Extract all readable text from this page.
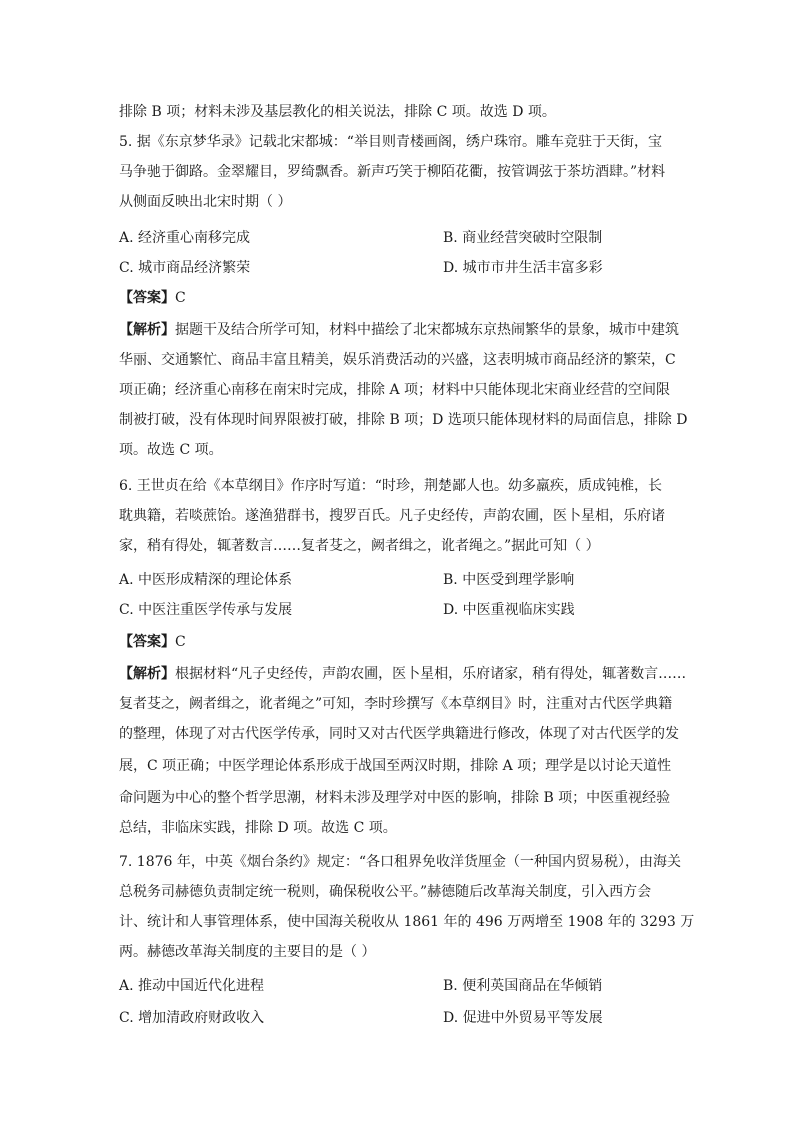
排除 B 项；材料未涉及基层教化的相关说法，排除 C 项。故选 D 项。
5. 据《东京梦华录》记载北宋都城：“举目则青楼画阁，绣户珠帘。雕车竞驻于天街，宝
马争驰于御路。金翠耀目，罗绮飘香。新声巧笑于柳陌花衢，按管调弦于茶坊酒肆。”材料
从侧面反映出北宋时期（ ）
A. 经济重心南移完成	B. 商业经营突破时空限制
C. 城市商品经济繁荣	D. 城市市井生活丰富多彩
【答案】C
【解析】据题干及结合所学可知，材料中描绘了北宋都城东京热闹繁华的景象，城市中建筑
华丽、交通繁忙、商品丰富且精美，娱乐消费活动的兴盛，这表明城市商品经济的繁荣，C
项正确；经济重心南移在南宋时完成，排除 A 项；材料中只能体现北宋商业经营的空间限
制被打破，没有体现时间界限被打破，排除 B 项；D 选项只能体现材料的局面信息，排除 D
项。故选 C 项。
6. 王世贞在给《本草纲目》作序时写道：“时珍，荆楚鄙人也。幼多羸疾，质成钝椎，长
耽典籍，若啖蔗饴。遂渔猎群书，搜罗百氏。凡子史经传，声韵农圃，医卜星相，乐府诸
家，稍有得处，辄著数言……复者芟之，阙者缉之，讹者绳之。”据此可知（ ）
A. 中医形成精深的理论体系	B. 中医受到理学影响
C. 中医注重医学传承与发展	D. 中医重视临床实践
【答案】C
【解析】根据材料“凡子史经传，声韵农圃，医卜星相，乐府诸家，稍有得处，辄著数言……
复者芟之，阙者缉之，讹者绳之”可知，李时珍撰写《本草纲目》时，注重对古代医学典籍
的整理，体现了对古代医学传承，同时又对古代医学典籍进行修改，体现了对古代医学的发
展，C 项正确；中医学理论体系形成于战国至两汉时期，排除 A 项；理学是以讨论天道性
命问题为中心的整个哲学思潮，材料未涉及理学对中医的影响，排除 B 项；中医重视经验
总结，非临床实践，排除 D 项。故选 C 项。
7. 1876 年，中英《烟台条约》规定：“各口租界免收洋货厘金（一种国内贸易税），由海关
总税务司赫德负责制定统一税则，确保税收公平。”赫德随后改革海关制度，引入西方会
计、统计和人事管理体系，使中国海关税收从 1861 年的 496 万两增至 1908 年的 3293 万
两。赫德改革海关制度的主要目的是（ ）
A. 推动中国近代化进程	B. 便利英国商品在华倾销
C. 增加清政府财政收入	D. 促进中外贸易平等发展
